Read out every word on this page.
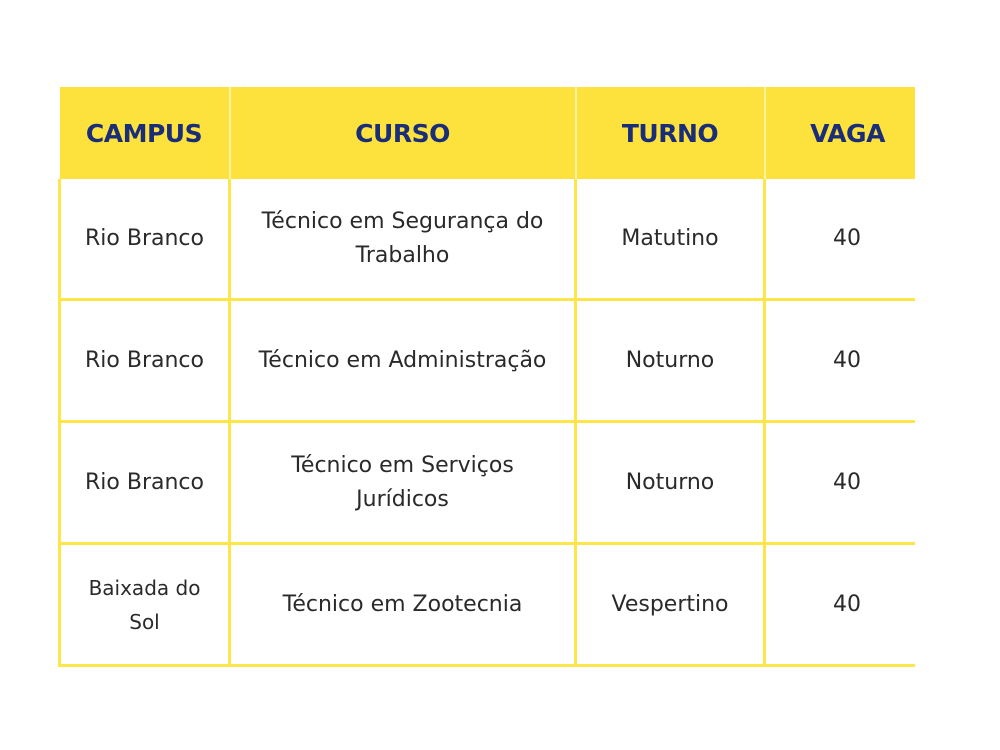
CAMPUS	CURSO	TURNO	VAGA
Rio Branco	Técnico em Segurança do Trabalho	Matutino	40
Rio Branco	Técnico em Administração	Noturno	40
Rio Branco	Técnico em Serviços Jurídicos	Noturno	40
Baixada do Sol	Técnico em Zootecnia	Vespertino	40
